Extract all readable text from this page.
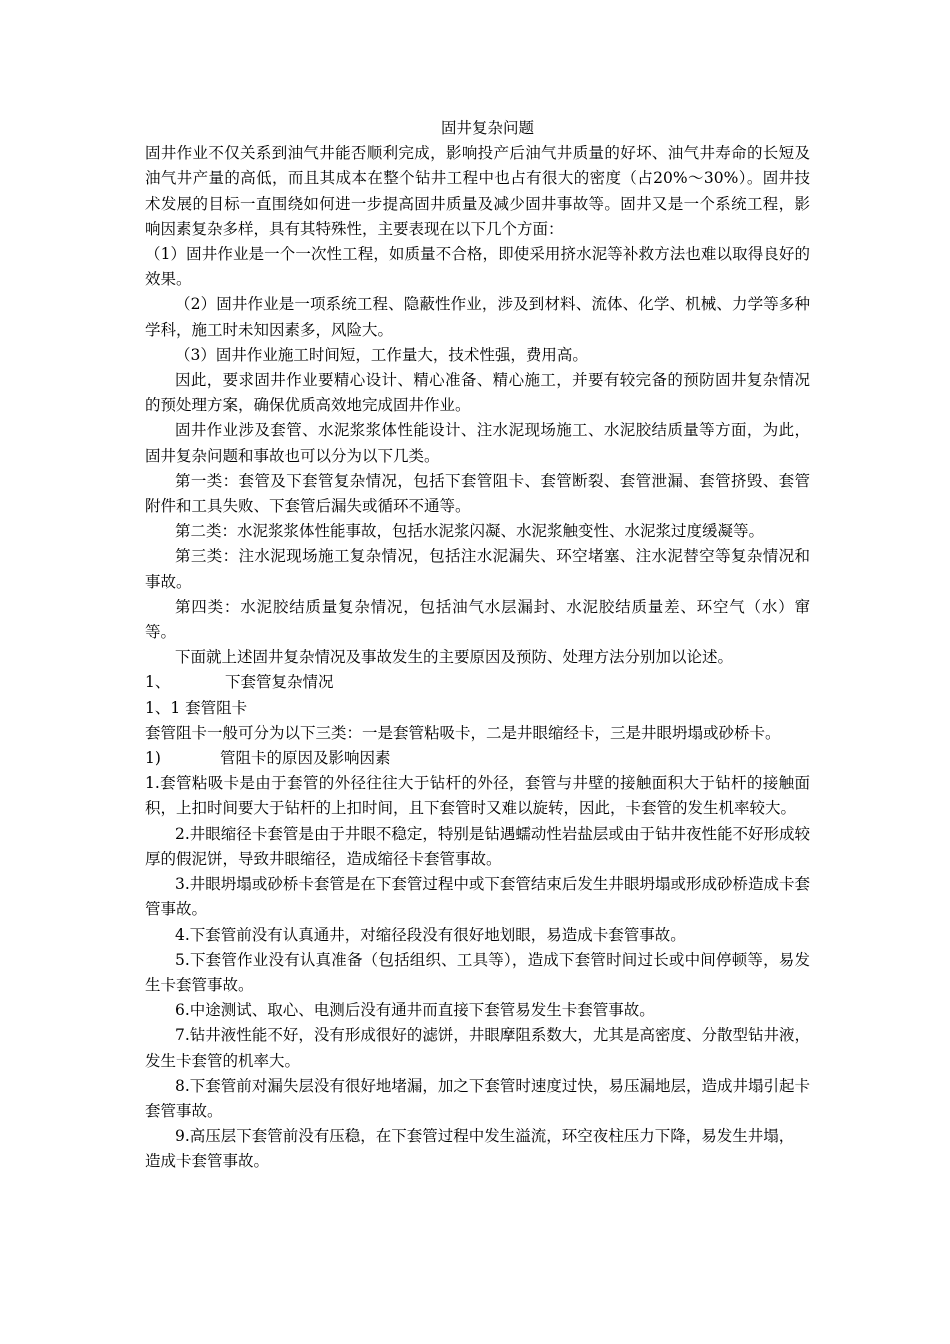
固井复杂问题

固井作业不仅关系到油气井能否顺利完成，影响投产后油气井质量的好坏、油气井寿命的长短及油气井产量的高低，而且其成本在整个钻井工程中也占有很大的密度（占20%～30%）。固井技术发展的目标一直围绕如何进一步提高固井质量及减少固井事故等。固井又是一个系统工程，影响因素复杂多样，具有其特殊性，主要表现在以下几个方面：

（1）固井作业是一个一次性工程，如质量不合格，即使采用挤水泥等补救方法也难以取得良好的效果。

（2）固井作业是一项系统工程、隐蔽性作业，涉及到材料、流体、化学、机械、力学等多种学科，施工时未知因素多，风险大。

（3）固井作业施工时间短，工作量大，技术性强，费用高。

因此，要求固井作业要精心设计、精心准备、精心施工，并要有较完备的预防固井复杂情况的预处理方案，确保优质高效地完成固井作业。

固井作业涉及套管、水泥浆浆体性能设计、注水泥现场施工、水泥胶结质量等方面，为此，固井复杂问题和事故也可以分为以下几类。

第一类：套管及下套管复杂情况，包括下套管阻卡、套管断裂、套管泄漏、套管挤毁、套管附件和工具失败、下套管后漏失或循环不通等。

第二类：水泥浆浆体性能事故，包括水泥浆闪凝、水泥浆触变性、水泥浆过度缓凝等。

第三类：注水泥现场施工复杂情况，包括注水泥漏失、环空堵塞、注水泥替空等复杂情况和事故。

第四类：水泥胶结质量复杂情况，包括油气水层漏封、水泥胶结质量差、环空气（水）窜等。

下面就上述固井复杂情况及事故发生的主要原因及预防、处理方法分别加以论述。

1、	下套管复杂情况

1、1 套管阻卡

套管阻卡一般可分为以下三类：一是套管粘吸卡，二是井眼缩经卡，三是井眼坍塌或砂桥卡。

1)	管阻卡的原因及影响因素

1.套管粘吸卡是由于套管的外径往往大于钻杆的外径，套管与井壁的接触面积大于钻杆的接触面积，上扣时间要大于钻杆的上扣时间，且下套管时又难以旋转，因此，卡套管的发生机率较大。

2.井眼缩径卡套管是由于井眼不稳定，特别是钻遇蠕动性岩盐层或由于钻井夜性能不好形成较厚的假泥饼，导致井眼缩径，造成缩径卡套管事故。

3.井眼坍塌或砂桥卡套管是在下套管过程中或下套管结束后发生井眼坍塌或形成砂桥造成卡套管事故。

4.下套管前没有认真通井，对缩径段没有很好地划眼，易造成卡套管事故。

5.下套管作业没有认真准备（包括组织、工具等），造成下套管时间过长或中间停顿等，易发生卡套管事故。

6.中途测试、取心、电测后没有通井而直接下套管易发生卡套管事故。

7.钻井液性能不好，没有形成很好的滤饼，井眼摩阻系数大，尤其是高密度、分散型钻井液，发生卡套管的机率大。

8.下套管前对漏失层没有很好地堵漏，加之下套管时速度过快，易压漏地层，造成井塌引起卡套管事故。

9.高压层下套管前没有压稳，在下套管过程中发生溢流，环空夜柱压力下降，易发生井塌，

造成卡套管事故。
